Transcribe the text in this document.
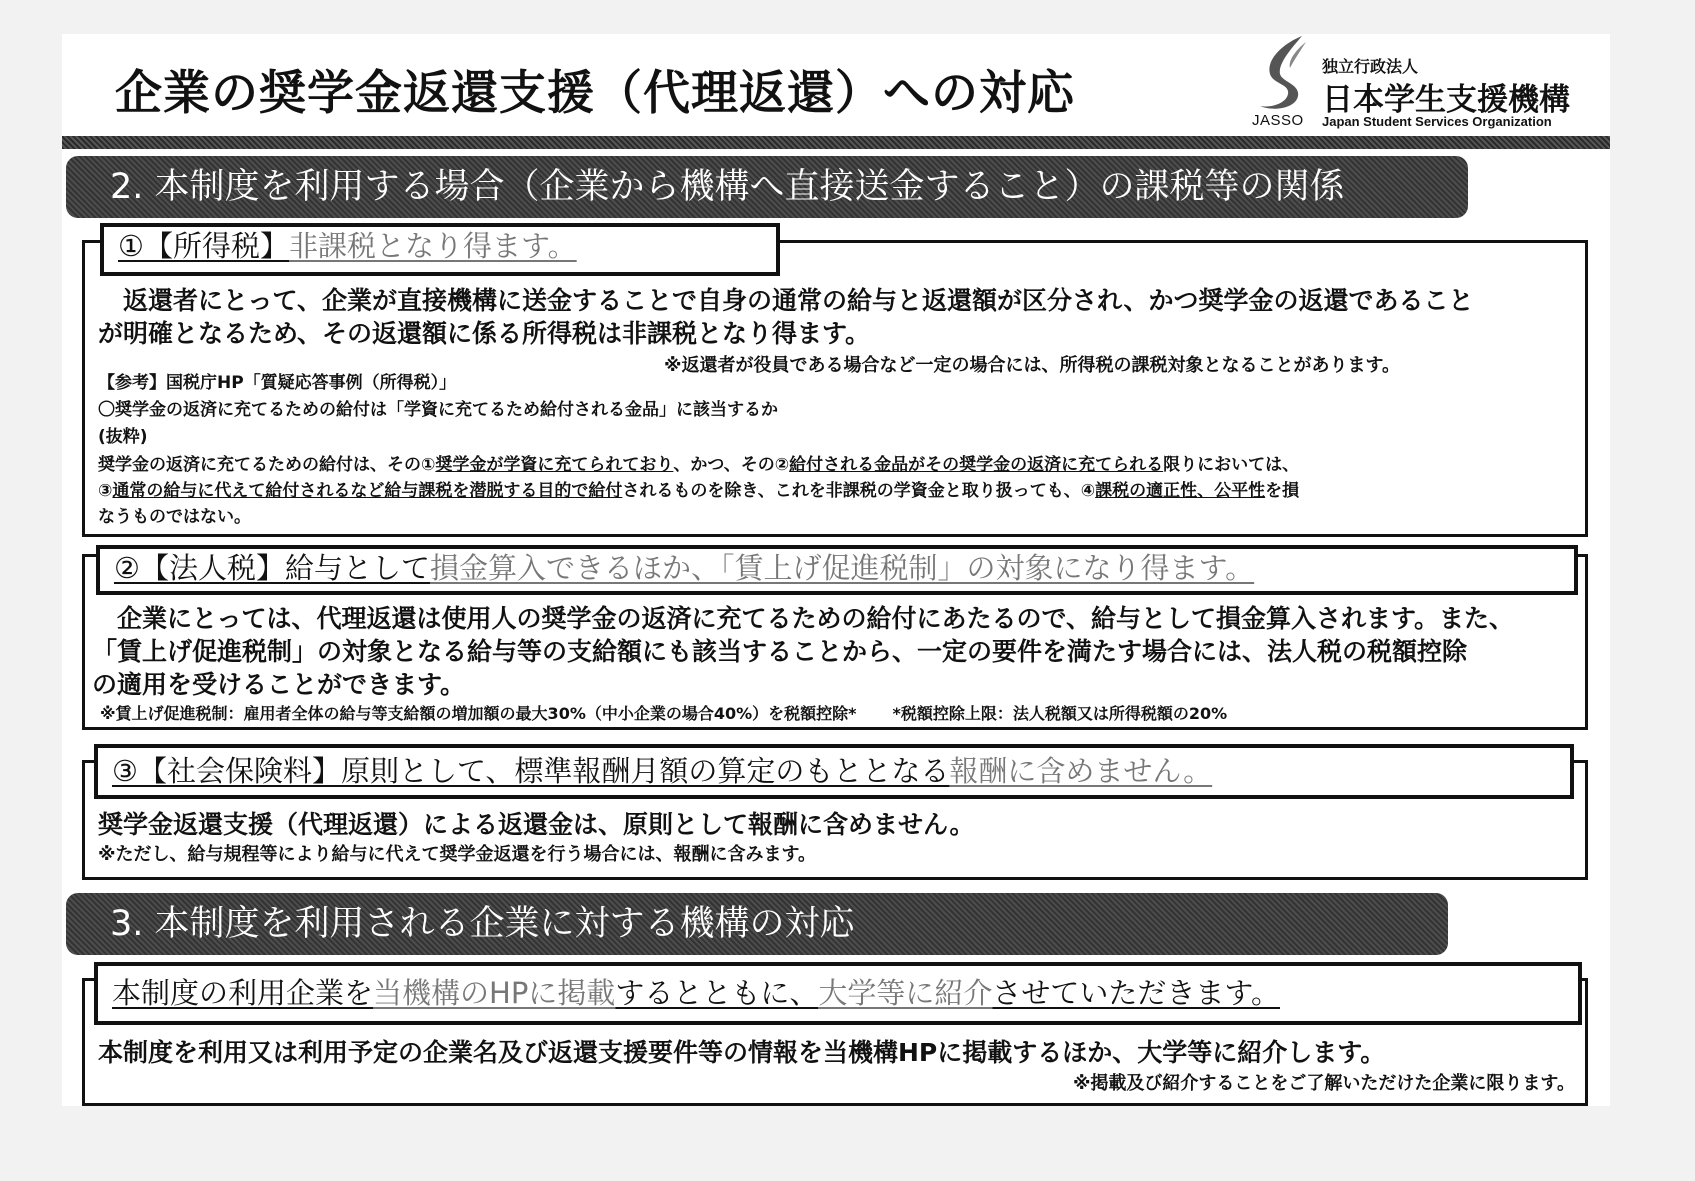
企業の奨学金返還支援（代理返還）への対応	JASSO
独立行政法人
日本学生支援機構
Japan Student Services Organization
2. 本制度を利用する場合（企業から機構へ直接送金すること）の課税等の関係
①【所得税】非課税となり得ます。
　返還者にとって、企業が直接機構に送金することで自身の通常の給与と返還額が区分され、かつ奨学金の返還であること
が明確となるため、その返還額に係る所得税は非課税となり得ます。
※返還者が役員である場合など一定の場合には、所得税の課税対象となることがあります。
【参考】国税庁HP「質疑応答事例（所得税）」
〇奨学金の返済に充てるための給付は「学資に充てるため給付される金品」に該当するか
(抜粋)
奨学金の返済に充てるための給付は、その①奨学金が学資に充てられており、かつ、その②給付される金品がその奨学金の返済に充てられる限りにおいては、
③通常の給与に代えて給付されるなど給与課税を潜脱する目的で給付されるものを除き、これを非課税の学資金と取り扱っても、④課税の適正性、公平性を損
なうものではない。
②【法人税】給与として損金算入できるほか、「賃上げ促進税制」の対象になり得ます。
　企業にとっては、代理返還は使用人の奨学金の返済に充てるための給付にあたるので、給与として損金算入されます。また、
「賃上げ促進税制」の対象となる給与等の支給額にも該当することから、一定の要件を満たす場合には、法人税の税額控除
の適用を受けることができます。
※賃上げ促進税制：雇用者全体の給与等支給額の増加額の最大30%（中小企業の場合40%）を税額控除* *税額控除上限：法人税額又は所得税額の20%
③【社会保険料】原則として、標準報酬月額の算定のもととなる報酬に含めません。
奨学金返還支援（代理返還）による返還金は、原則として報酬に含めません。
※ただし、給与規程等により給与に代えて奨学金返還を行う場合には、報酬に含みます。
3. 本制度を利用される企業に対する機構の対応
本制度の利用企業を当機構のHPに掲載するとともに、大学等に紹介させていただきます。
本制度を利用又は利用予定の企業名及び返還支援要件等の情報を当機構HPに掲載するほか、大学等に紹介します。
※掲載及び紹介することをご了解いただけた企業に限ります。
